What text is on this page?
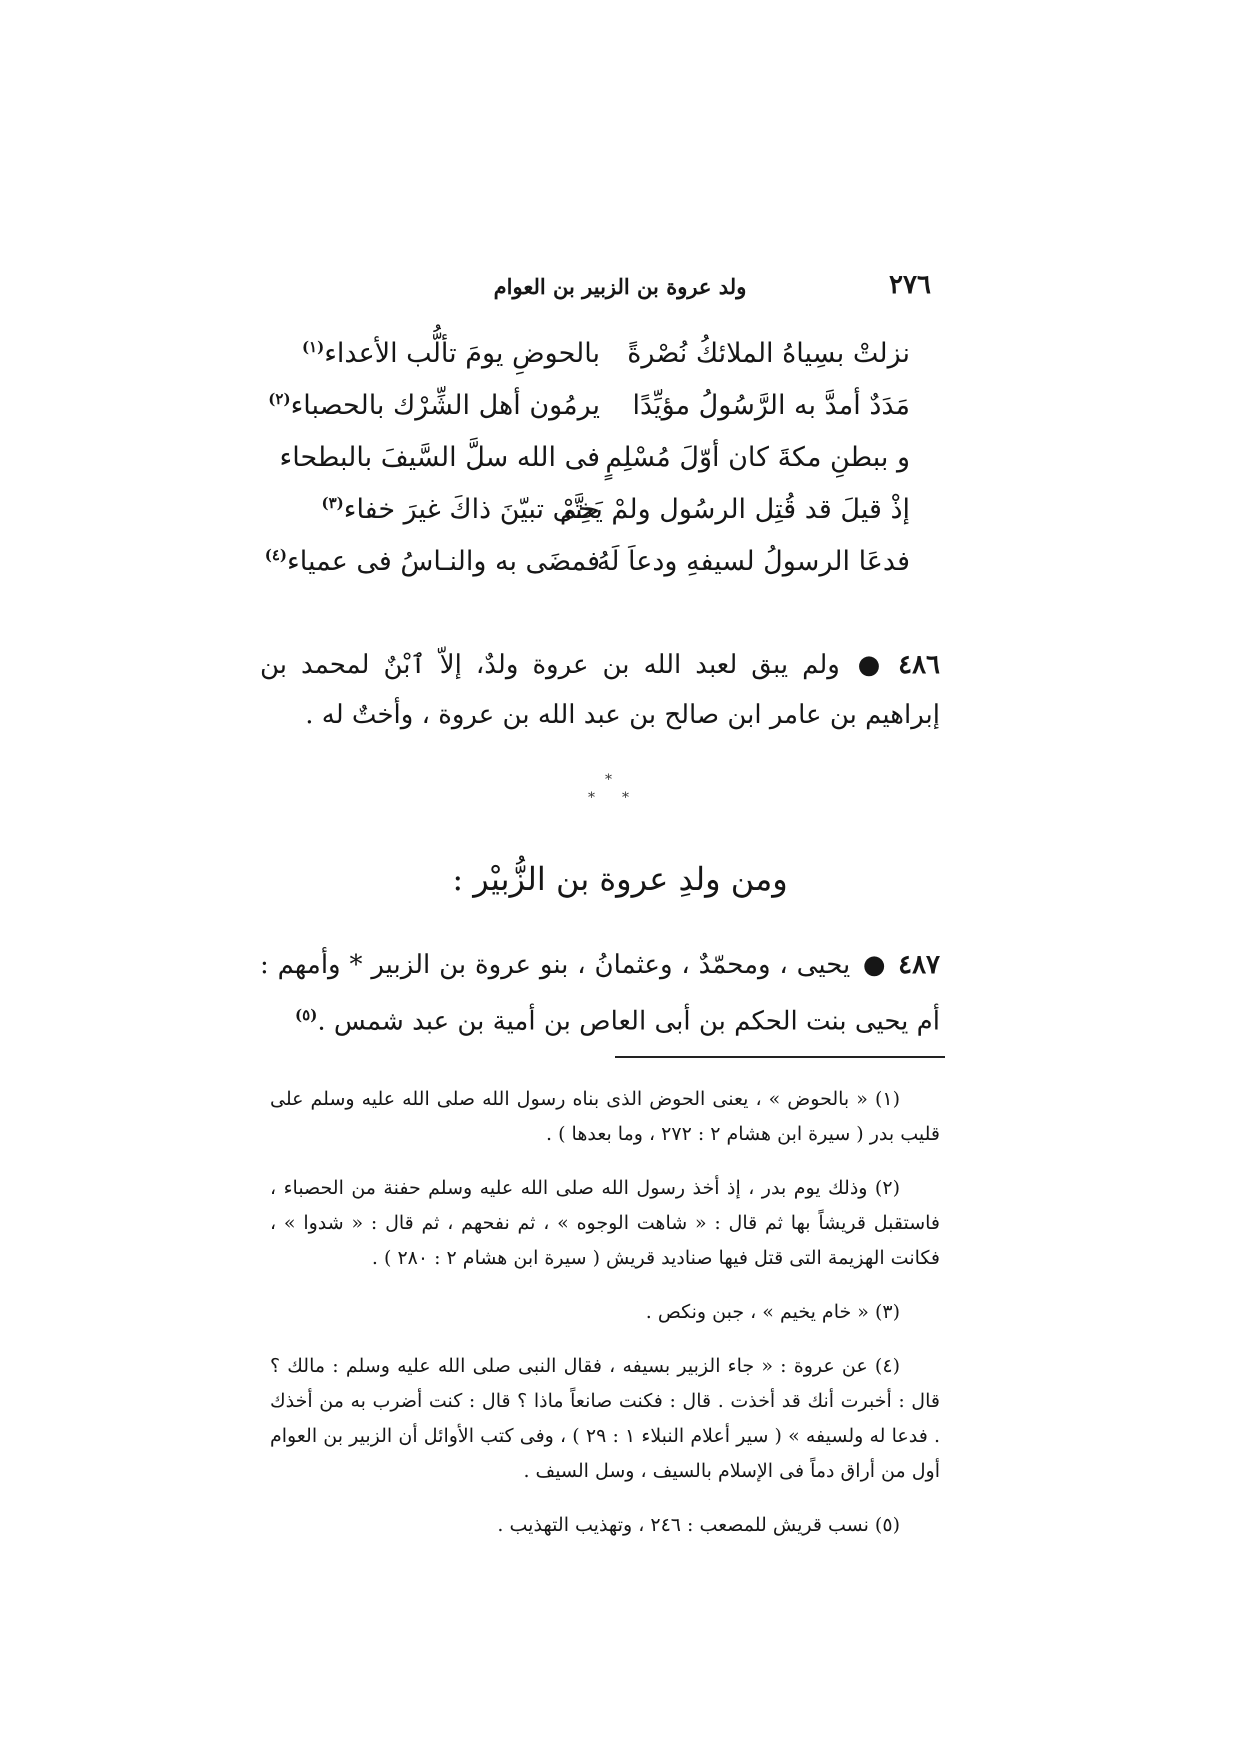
٢٧٦
ولد عروة بن الزبير بن العوام
نزلتْ بسِياهُ الملائكُ نُصْرةً
بالحوضِ يومَ تألُّب الأعداء$^{(١)}$
مَدَدٌ أمدَّ به الرَّسُولُ مؤيِّدًا
يرمُون أهل الشِّرْك بالحصباء$^{(٢)}$
و ببطنِ مكةَ كان أوّلَ مُسْلِمٍ
فى الله سلَّ السَّيفَ بالبطحاء
إذْ قيلَ قد قُتِل الرسُول ولمْ يَخِمْ
حتَّى تبيّنَ ذاكَ غيرَ خفاء$^{(٣)}$
فدعَا الرسولُ لسيفهِ ودعاَ لَهُ
فمضَى به والنـاسُ فى عمياء$^{(٤)}$
٤٨٦●ولم يبق لعبد الله بن عروة ولدٌ، إلاّ ٱبْنٌ لمحمد بن إبراهيم بن عامر ابن صالح بن عبد الله بن عروة ، وأختٌ له .
*
* *
ومن ولدِ عروة بن الزُّبيْر :
٤٨٧●يحيى ، ومحمّدٌ ، وعثمانُ ، بنو عروة بن الزبير * وأمهم : أم يحيى بنت الحكم بن أبى العاص بن أمية بن عبد شمس .$^{(٥)}$

(١) « بالحوض » ، يعنى الحوض الذى بناه رسول الله صلى الله عليه وسلم على قليب بدر ( سيرة ابن هشام ٢ : ٢٧٢ ، وما بعدها ) .

(٢) وذلك يوم بدر ، إذ أخذ رسول الله صلى الله عليه وسلم حفنة من الحصباء ، فاستقبل قريشاً بها ثم قال : « شاهت الوجوه » ، ثم نفحهم ، ثم قال : « شدوا » ، فكانت الهزيمة التى قتل فيها صناديد قريش ( سيرة ابن هشام ٢ : ٢٨٠ ) .

(٣) « خام يخيم » ، جبن ونكص .

(٤) عن عروة : « جاء الزبير بسيفه ، فقال النبى صلى الله عليه وسلم : مالك ؟ قال : أخبرت أنك قد أخذت . قال : فكنت صانعاً ماذا ؟ قال : كنت أضرب به من أخذك . فدعا له ولسيفه » ( سير أعلام النبلاء ١ : ٢٩ ) ، وفى كتب الأوائل أن الزبير بن العوام أول من أراق دماً فى الإسلام بالسيف ، وسل السيف .

(٥) نسب قريش للمصعب : ٢٤٦ ، وتهذيب التهذيب .
